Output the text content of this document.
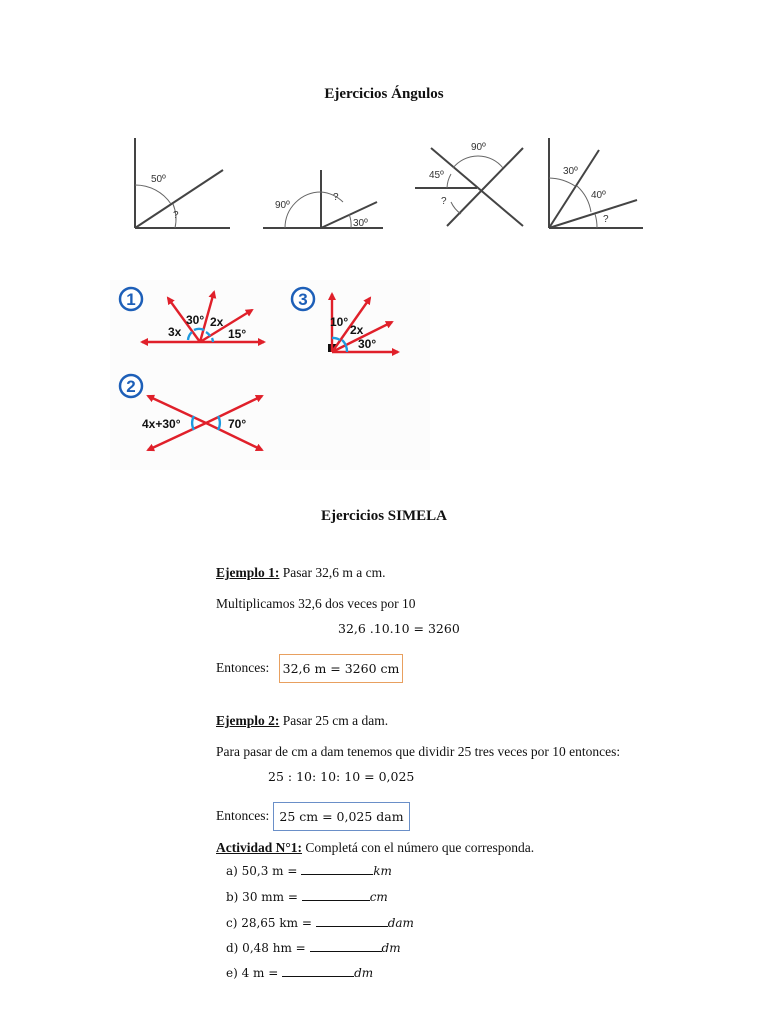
Ejercicios Ángulos
50º
?
90º
?
30º
90º
45º
?
30º
40º
?
1
30° 2x
3x	15°
3
10°
2x
30°
2
4x+30°	70°
Ejercicios SIMELA
Ejemplo 1: Pasar 32,6 m a cm.
Multiplicamos 32,6 dos veces por 10
32,6 .10.10 = 3260
Entonces: 32,6 m = 3260 cm
Ejemplo 2: Pasar 25 cm a dam.
Para pasar de cm a dam tenemos que dividir 25 tres veces por 10 entonces:
25 : 10: 10: 10 = 0,025
Entonces: 25 cm = 0,025 dam
Actividad N°1: Completá con el número que corresponda.
a) 50,3 m =	km
b) 30 mm =	cm
c) 28,65 km =	dam
d) 0,48 hm =	dm
e) 4 m =	dm
